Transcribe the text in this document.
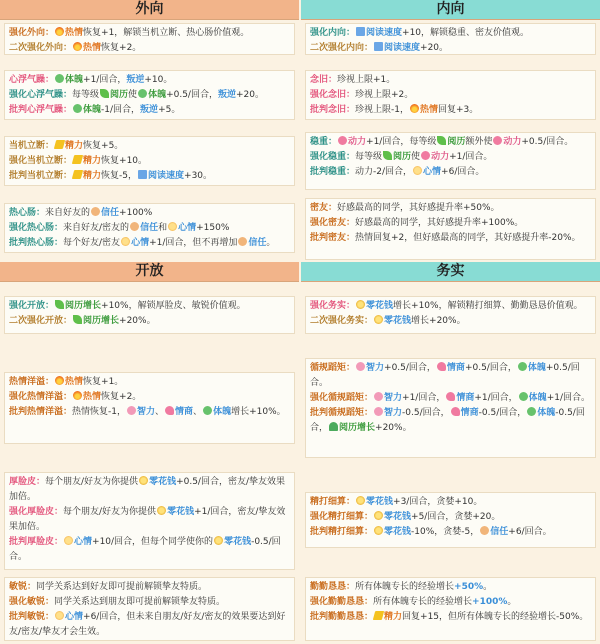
外向
强化外向： 热情恢复+1，解锁当机立断、热心肠价值观。
二次强化外向： 热情恢复+2。
心浮气躁： 体魄+1/回合，叛逆+10。
强化心浮气躁：每等级 阅历使 体魄+0.5/回合，叛逆+20。
批判心浮气躁： 体魄-1/回合，叛逆+5。
当机立断： 精力恢复+5。
强化当机立断： 精力恢复+10。
批判当机立断： 精力恢复-5， 阅读速度+30。
热心肠：来自好友的 信任+100%
强化热心肠：来自好友/密友的 信任和 心情+150%
批判热心肠：每个好友/密友 心情+1/回合，但不再增加 信任。
开放
强化开放： 阅历增长+10%，解锁厚脸皮、敏锐价值观。
二次强化开放： 阅历增长+20%。
热情洋溢： 热情恢复+1。
强化热情洋溢： 热情恢复+2。
批判热情洋溢：热情恢复-1， 智力、 情商、 体魄增长+10%。
厚脸皮：每个朋友/好友为你提供 零花钱+0.5/回合，密友/挚友效果加倍。
强化厚脸皮：每个朋友/好友为你提供 零花钱+1/回合，密友/挚友效果加倍。
批判厚脸皮： 心情+10/回合，但每个同学使你的 零花钱-0.5/回合。
敏锐：同学关系达到好友即可提前解锁挚友特质。
强化敏锐：同学关系达到朋友即可提前解锁挚友特质。
批判敏锐： 心情+6/回合，但未来自朋友/好友/密友的效果要达到好友/密友/挚友才会生效。
内向
强化内向： 阅读速度+10，解锁稳重、密友价值观。
二次强化内向： 阅读速度+20。
念旧：珍视上限+1。
强化念旧：珍视上限+2。
批判念旧：珍视上限-1， 热情回复+3。
稳重： 动力+1/回合，每等级 阅历额外使 动力+0.5/回合。
强化稳重：每等级 阅历使 动力+1/回合。
批判稳重：动力-2/回合， 心情+6/回合。
密友：好感最高的同学，其好感提升率+50%。
强化密友：好感最高的同学，其好感提升率+100%。
批判密友：热情回复+2，但好感最高的同学，其好感提升率-20%。
务实
强化务实： 零花钱增长+10%，解锁精打细算、勤勤恳恳价值观。
二次强化务实： 零花钱增长+20%。
循规蹈矩： 智力+0.5/回合， 情商+0.5/回合， 体魄+0.5/回合。
强化循规蹈矩： 智力+1/回合， 情商+1/回合， 体魄+1/回合。
批判循规蹈矩： 智力-0.5/回合， 情商-0.5/回合， 体魄-0.5/回合， 阅历增长+20%。
精打细算： 零花钱+3/回合，贪婪+10。
强化精打细算： 零花钱+5/回合，贪婪+20。
批判精打细算： 零花钱-10%，贪婪-5， 信任+6/回合。
勤勤恳恳：所有体魄专长的经验增长+50%。
强化勤勤恳恳：所有体魄专长的经验增长+100%。
批判勤勤恳恳： 精力回复+15，但所有体魄专长的经验增长-50%。
